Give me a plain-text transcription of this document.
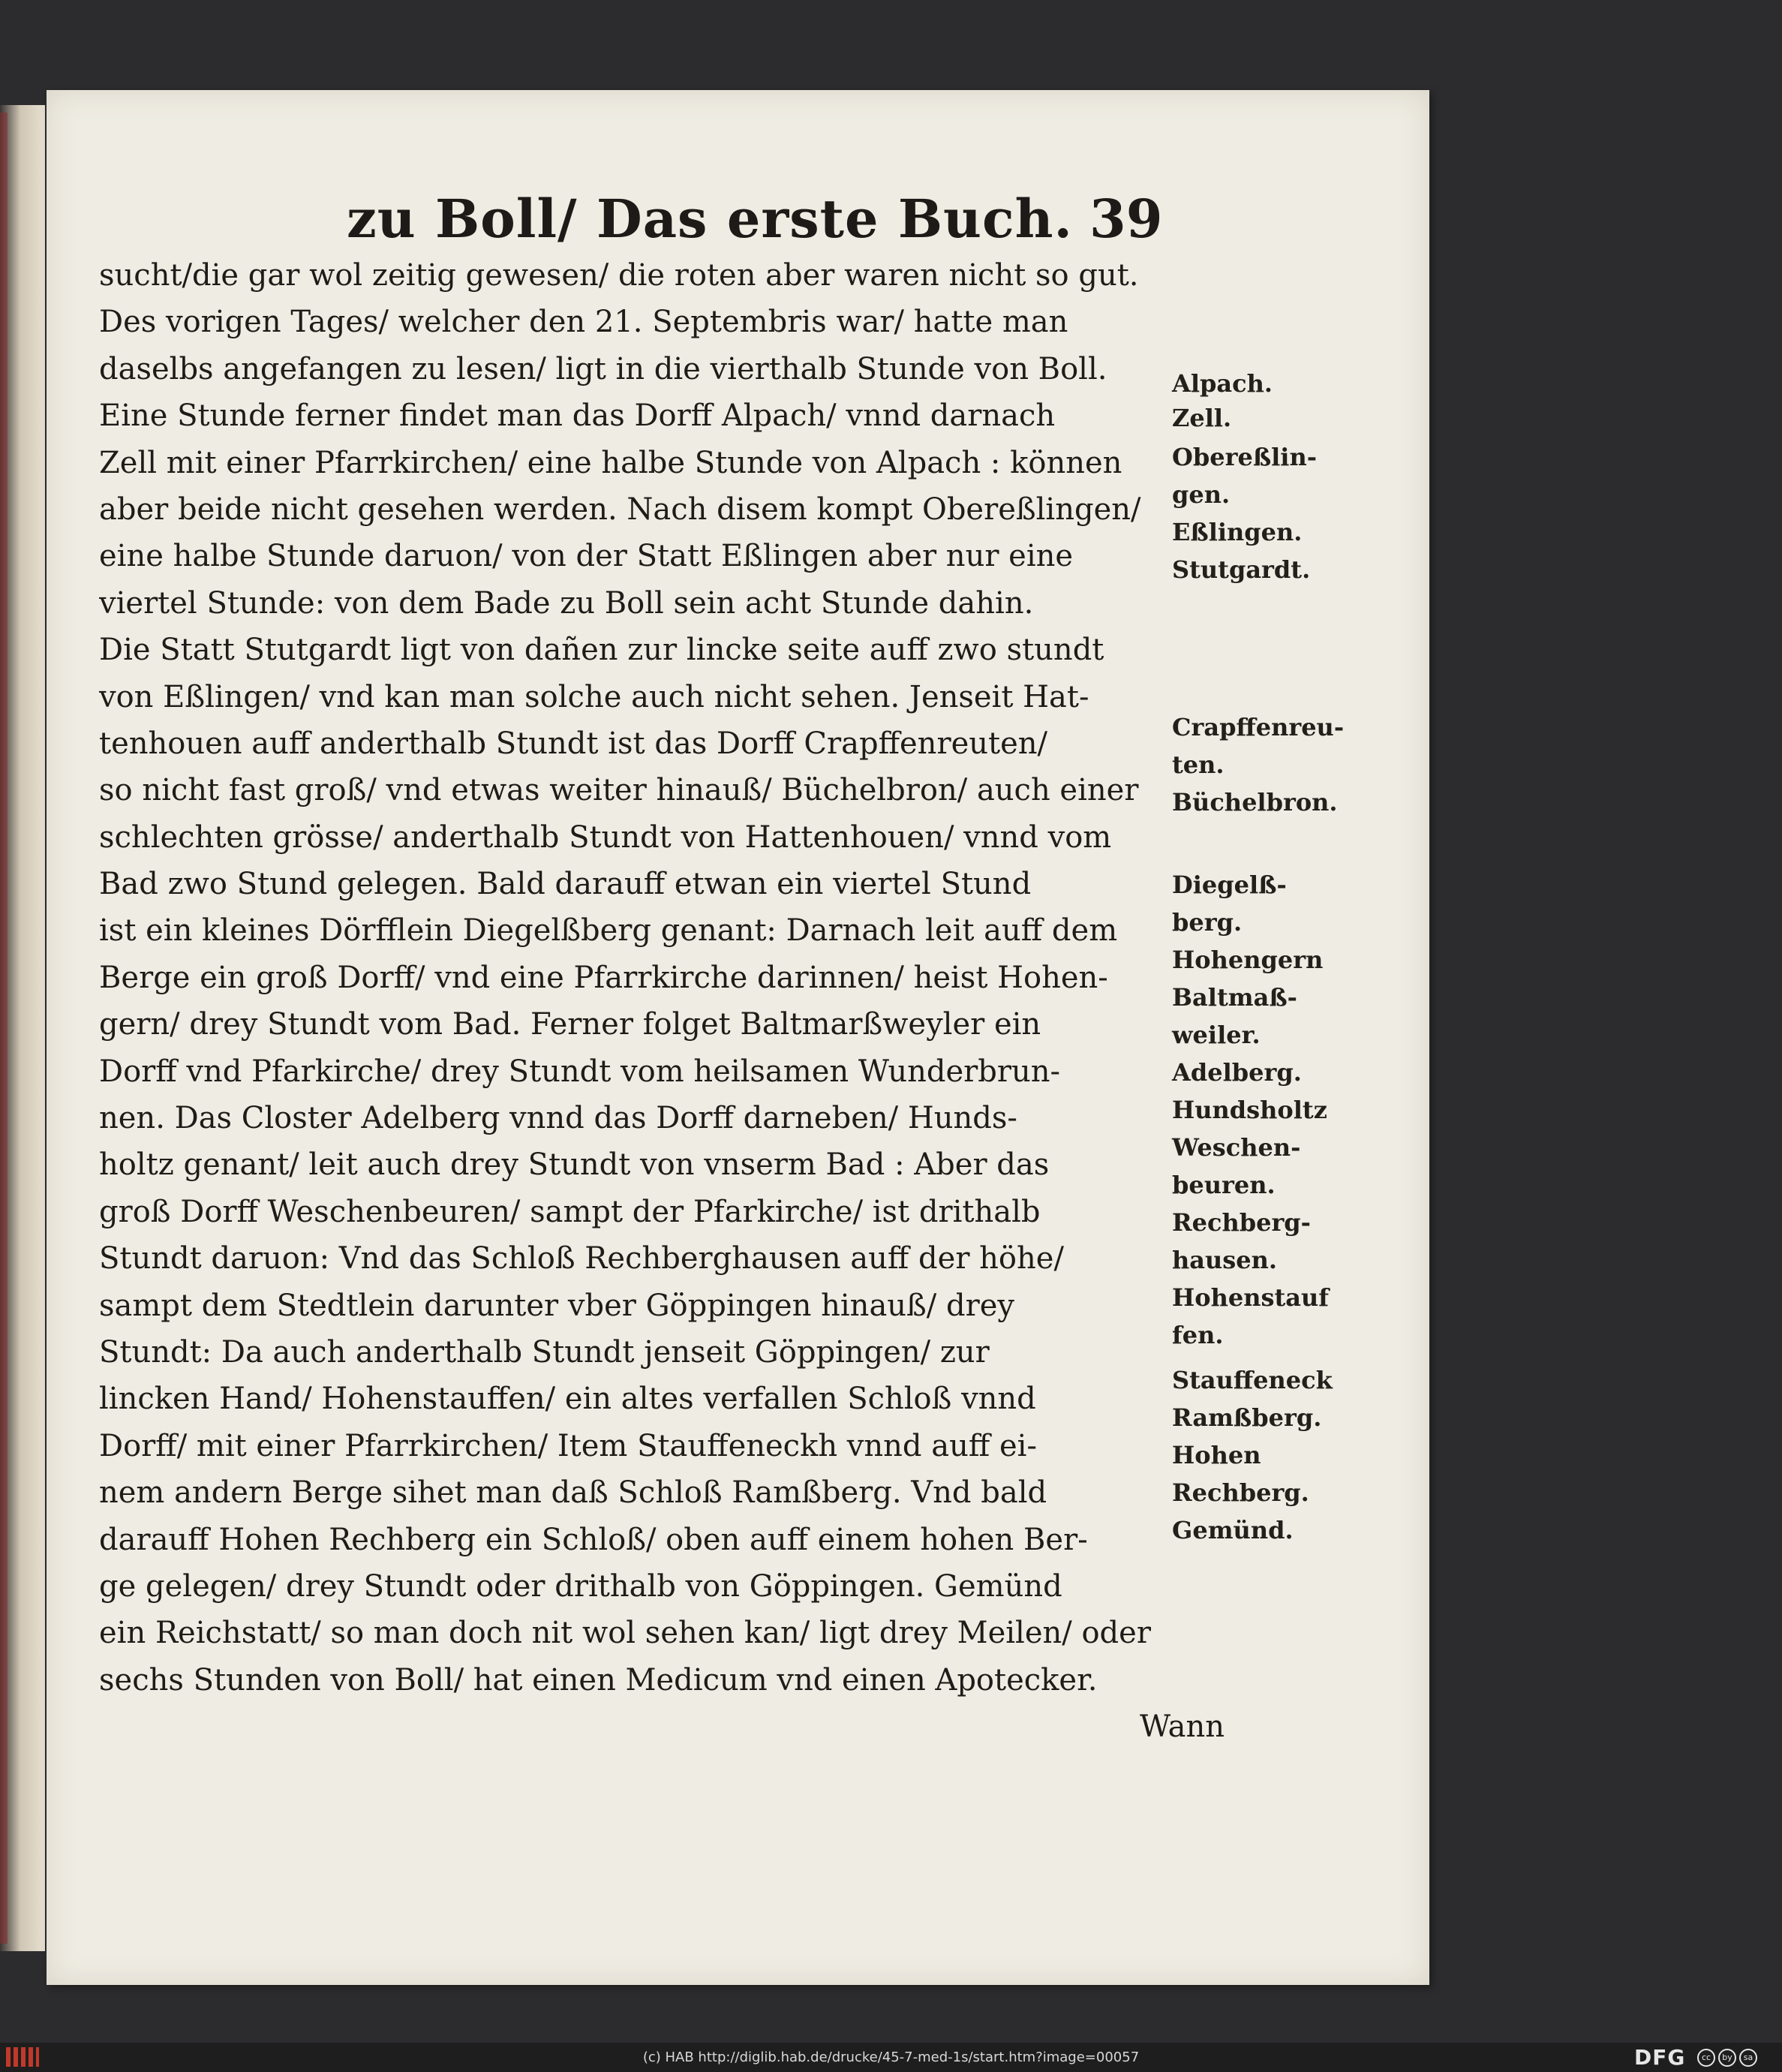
zu Boll/ Das erste Buch. 39
sucht/die gar wol zeitig gewesen/ die roten aber waren nicht so gut.
Des vorigen Tages/ welcher den 21. Septembris war/ hatte man
daselbs angefangen zu lesen/ ligt in die vierthalb Stunde von Boll.
Eine Stunde ferner findet man das Dorff Alpach/ vnnd darnach
Zell mit einer Pfarrkirchen/ eine halbe Stunde von Alpach : können
aber beide nicht gesehen werden. Nach disem kompt Obereßlingen/
eine halbe Stunde daruon/ von der Statt Eßlingen aber nur eine
viertel Stunde: von dem Bade zu Boll sein acht Stunde dahin.
Die Statt Stutgardt ligt von dañen zur lincke seite auff zwo stundt
von Eßlingen/ vnd kan man solche auch nicht sehen. Jenseit Hat-
tenhouen auff anderthalb Stundt ist das Dorff Crapffenreuten/
so nicht fast groß/ vnd etwas weiter hinauß/ Büchelbron/ auch einer
schlechten grösse/ anderthalb Stundt von Hattenhouen/ vnnd vom
Bad zwo Stund gelegen. Bald darauff etwan ein viertel Stund
ist ein kleines Dörfflein Diegelßberg genant: Darnach leit auff dem
Berge ein groß Dorff/ vnd eine Pfarrkirche darinnen/ heist Hohen-
gern/ drey Stundt vom Bad. Ferner folget Baltmarßweyler ein
Dorff vnd Pfarkirche/ drey Stundt vom heilsamen Wunderbrun-
nen. Das Closter Adelberg vnnd das Dorff darneben/ Hunds-
holtz genant/ leit auch drey Stundt von vnserm Bad : Aber das
groß Dorff Weschenbeuren/ sampt der Pfarkirche/ ist drithalb
Stundt daruon: Vnd das Schloß Rechberghausen auff der höhe/
sampt dem Stedtlein darunter vber Göppingen hinauß/ drey
Stundt: Da auch anderthalb Stundt jenseit Göppingen/ zur
lincken Hand/ Hohenstauffen/ ein altes verfallen Schloß vnnd
Dorff/ mit einer Pfarrkirchen/ Item Stauffeneckh vnnd auff ei-
nem andern Berge sihet man daß Schloß Ramßberg. Vnd bald
darauff Hohen Rechberg ein Schloß/ oben auff einem hohen Ber-
ge gelegen/ drey Stundt oder drithalb von Göppingen. Gemünd
ein Reichstatt/ so man doch nit wol sehen kan/ ligt drey Meilen/ oder
sechs Stunden von Boll/ hat einen Medicum vnd einen Apotecker.
Wann
Alpach.
Zell.
Obereßlin-
gen.
Eßlingen.
Stutgardt.
Crapffenreu-
ten.
Büchelbron.
Diegelß-
berg.
Hohengern
Baltmaß-
weiler.
Adelberg.
Hundsholtz
Weschen-
beuren.
Rechberg-
hausen.
Hohenstauf
fen.
Stauffeneck
Ramßberg.
Hohen
Rechberg.
Gemünd.
(c) HAB http://diglib.hab.de/drucke/45-7-med-1s/start.htm?image=00057	DFG	cc	by	sa
